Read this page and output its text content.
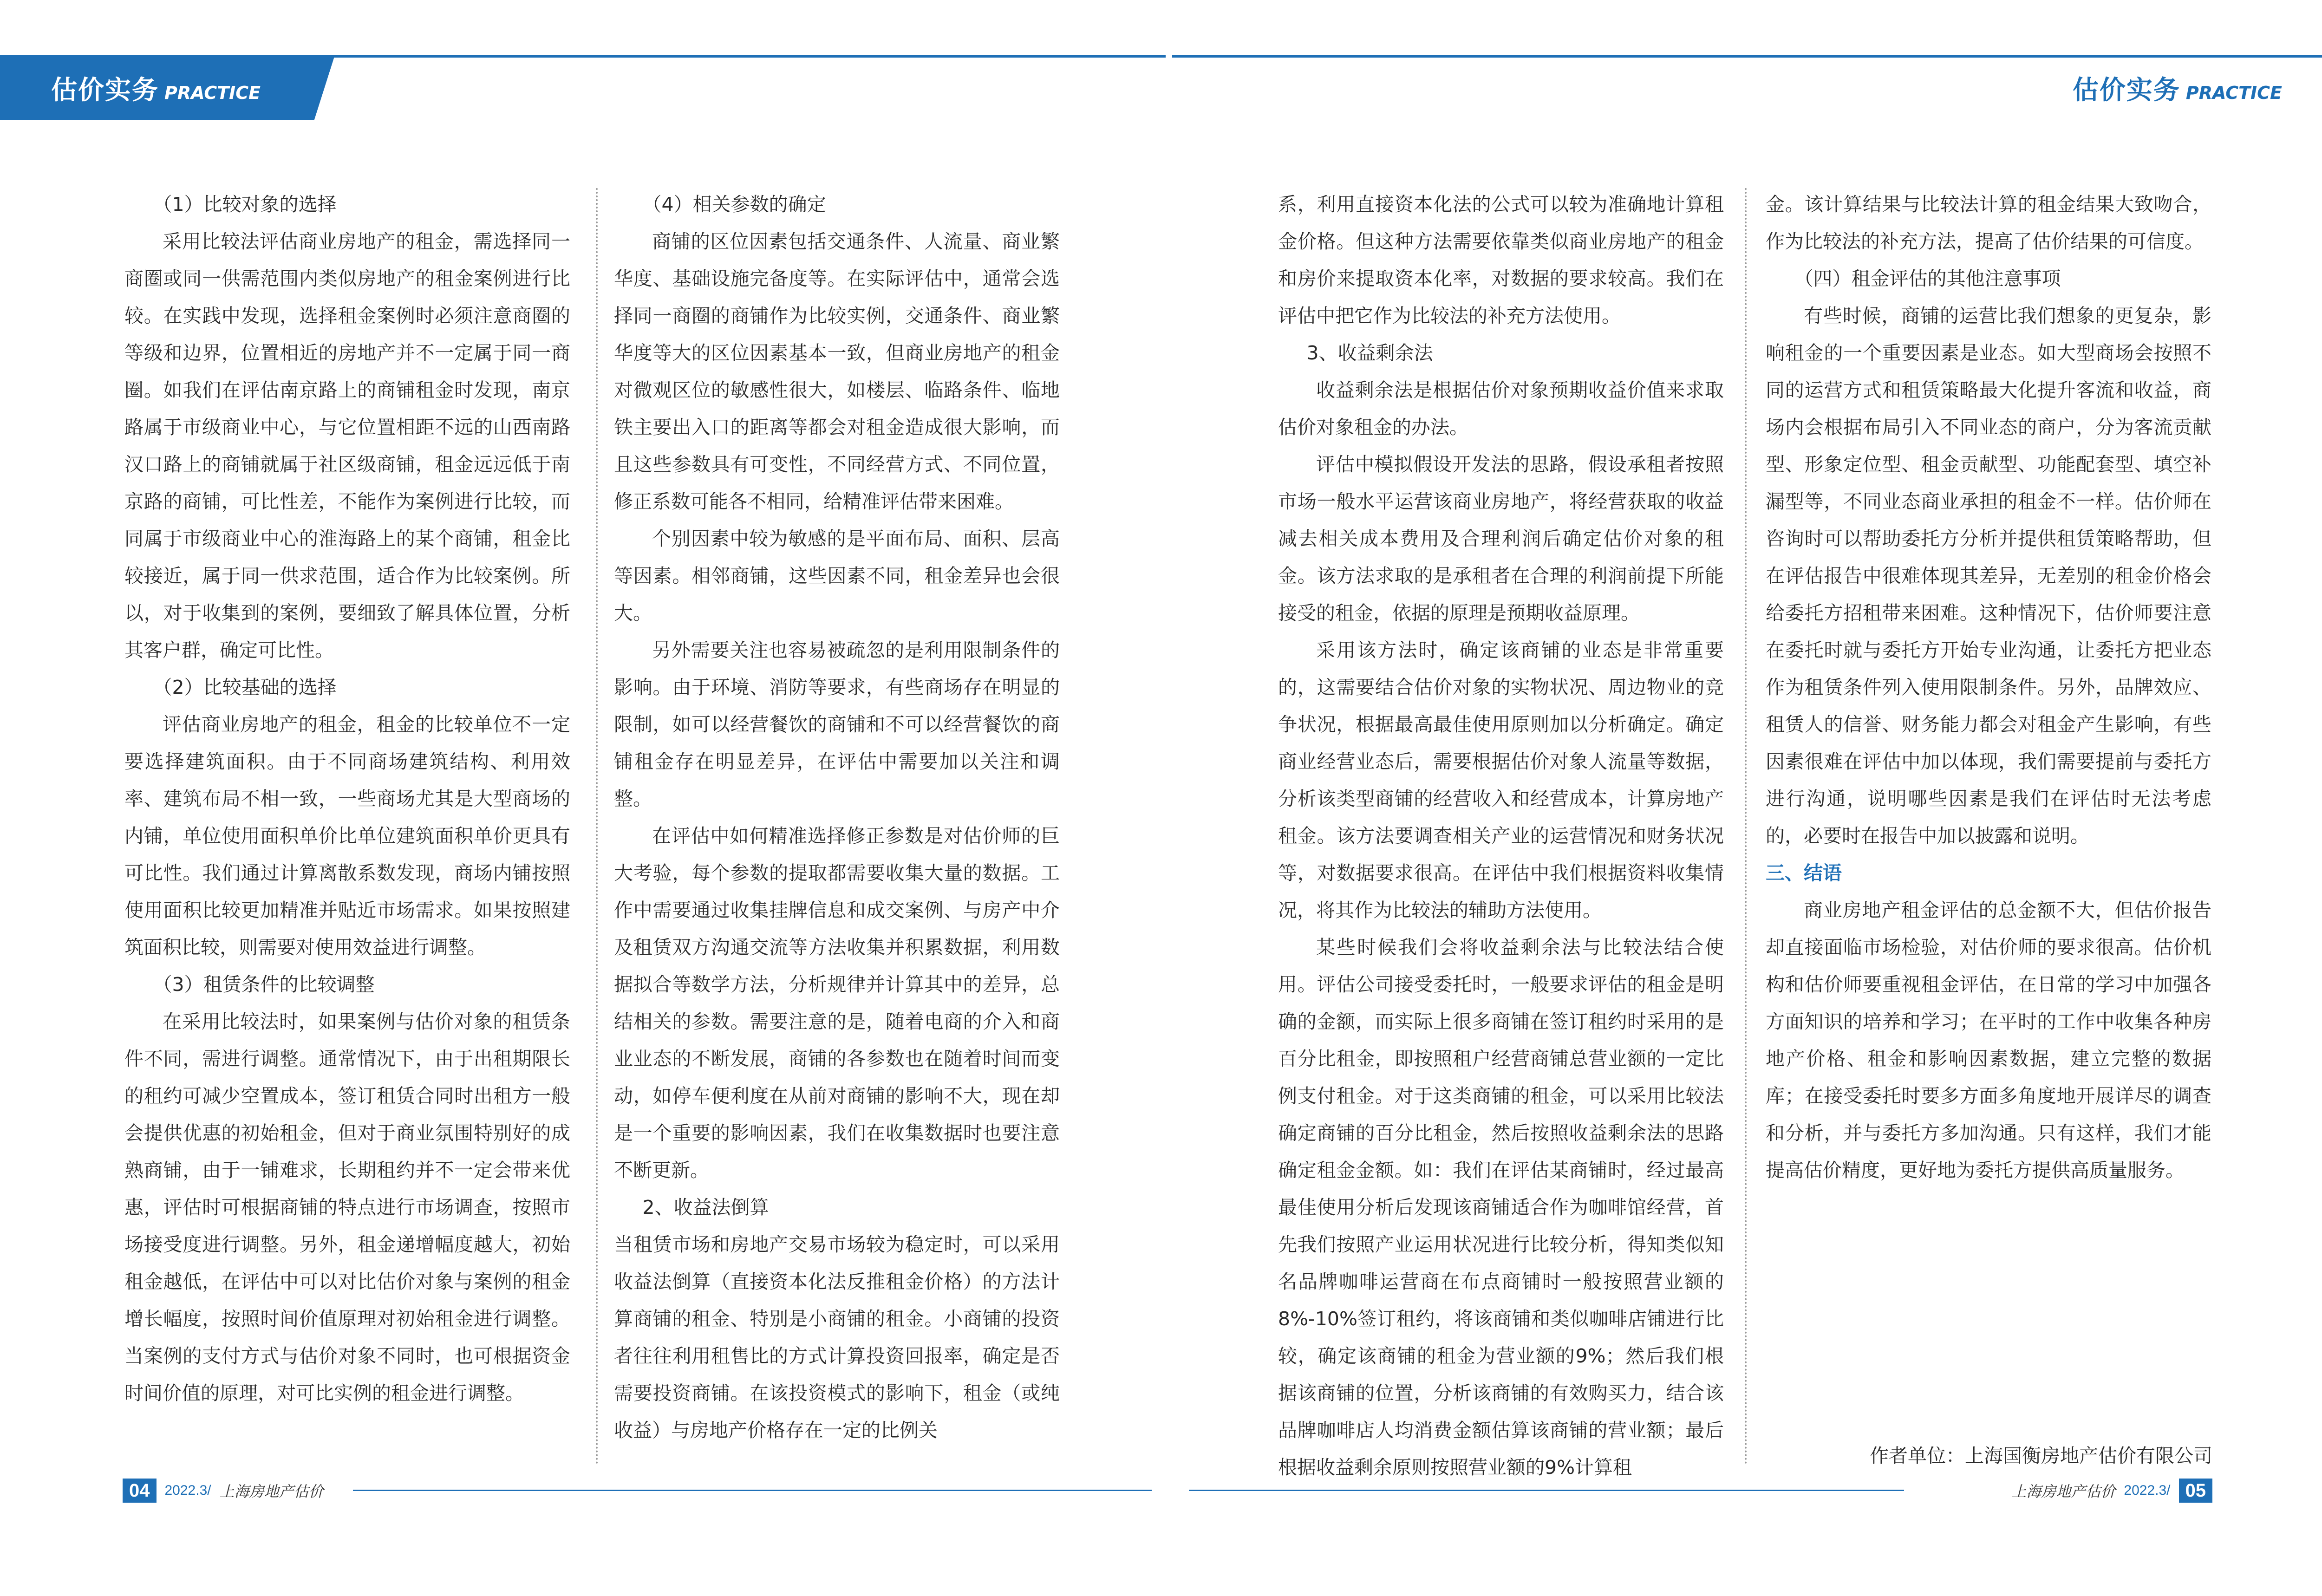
估价实务 PRACTICE	估价实务 PRACTICE

（1）比较对象的选择

采用比较法评估商业房地产的租金，需选择同一商圈或同一供需范围内类似房地产的租金案例进行比较。在实践中发现，选择租金案例时必须注意商圈的等级和边界，位置相近的房地产并不一定属于同一商圈。如我们在评估南京路上的商铺租金时发现，南京路属于市级商业中心，与它位置相距不远的山西南路汉口路上的商铺就属于社区级商铺，租金远远低于南京路的商铺，可比性差，不能作为案例进行比较，而同属于市级商业中心的淮海路上的某个商铺，租金比较接近，属于同一供求范围，适合作为比较案例。所以，对于收集到的案例，要细致了解具体位置，分析其客户群，确定可比性。

（2）比较基础的选择

评估商业房地产的租金，租金的比较单位不一定要选择建筑面积。由于不同商场建筑结构、利用效率、建筑布局不相一致，一些商场尤其是大型商场的内铺，单位使用面积单价比单位建筑面积单价更具有可比性。我们通过计算离散系数发现，商场内铺按照使用面积比较更加精准并贴近市场需求。如果按照建筑面积比较，则需要对使用效益进行调整。

（3）租赁条件的比较调整

在采用比较法时，如果案例与估价对象的租赁条件不同，需进行调整。通常情况下，由于出租期限长的租约可减少空置成本，签订租赁合同时出租方一般会提供优惠的初始租金，但对于商业氛围特别好的成熟商铺，由于一铺难求，长期租约并不一定会带来优惠，评估时可根据商铺的特点进行市场调查，按照市场接受度进行调整。另外，租金递增幅度越大，初始租金越低，在评估中可以对比估价对象与案例的租金增长幅度，按照时间价值原理对初始租金进行调整。当案例的支付方式与估价对象不同时，也可根据资金时间价值的原理，对可比实例的租金进行调整。

（4）相关参数的确定

商铺的区位因素包括交通条件、人流量、商业繁华度、基础设施完备度等。在实际评估中，通常会选择同一商圈的商铺作为比较实例，交通条件、商业繁华度等大的区位因素基本一致，但商业房地产的租金对微观区位的敏感性很大，如楼层、临路条件、临地铁主要出入口的距离等都会对租金造成很大影响，而且这些参数具有可变性，不同经营方式、不同位置，修正系数可能各不相同，给精准评估带来困难。

个别因素中较为敏感的是平面布局、面积、层高等因素。相邻商铺，这些因素不同，租金差异也会很大。

另外需要关注也容易被疏忽的是利用限制条件的影响。由于环境、消防等要求，有些商场存在明显的限制，如可以经营餐饮的商铺和不可以经营餐饮的商铺租金存在明显差异，在评估中需要加以关注和调整。

在评估中如何精准选择修正参数是对估价师的巨大考验，每个参数的提取都需要收集大量的数据。工作中需要通过收集挂牌信息和成交案例、与房产中介及租赁双方沟通交流等方法收集并积累数据，利用数据拟合等数学方法，分析规律并计算其中的差异，总结相关的参数。需要注意的是，随着电商的介入和商业业态的不断发展，商铺的各参数也在随着时间而变动，如停车便利度在从前对商铺的影响不大，现在却是一个重要的影响因素，我们在收集数据时也要注意不断更新。

2、收益法倒算

当租赁市场和房地产交易市场较为稳定时，可以采用收益法倒算（直接资本化法反推租金价格）的方法计算商铺的租金、特别是小商铺的租金。小商铺的投资者往往利用租售比的方式计算投资回报率，确定是否需要投资商铺。在该投资模式的影响下，租金（或纯收益）与房地产价格存在一定的比例关

系，利用直接资本化法的公式可以较为准确地计算租金价格。但这种方法需要依靠类似商业房地产的租金和房价来提取资本化率，对数据的要求较高。我们在评估中把它作为比较法的补充方法使用。

3、收益剩余法

收益剩余法是根据估价对象预期收益价值来求取估价对象租金的办法。

评估中模拟假设开发法的思路，假设承租者按照市场一般水平运营该商业房地产，将经营获取的收益减去相关成本费用及合理利润后确定估价对象的租金。该方法求取的是承租者在合理的利润前提下所能接受的租金，依据的原理是预期收益原理。

采用该方法时，确定该商铺的业态是非常重要的，这需要结合估价对象的实物状况、周边物业的竞争状况，根据最高最佳使用原则加以分析确定。确定商业经营业态后，需要根据估价对象人流量等数据，分析该类型商铺的经营收入和经营成本，计算房地产租金。该方法要调查相关产业的运营情况和财务状况等，对数据要求很高。在评估中我们根据资料收集情况，将其作为比较法的辅助方法使用。

某些时候我们会将收益剩余法与比较法结合使用。评估公司接受委托时，一般要求评估的租金是明确的金额，而实际上很多商铺在签订租约时采用的是百分比租金，即按照租户经营商铺总营业额的一定比例支付租金。对于这类商铺的租金，可以采用比较法确定商铺的百分比租金，然后按照收益剩余法的思路确定租金金额。如：我们在评估某商铺时，经过最高最佳使用分析后发现该商铺适合作为咖啡馆经营，首先我们按照产业运用状况进行比较分析，得知类似知名品牌咖啡运营商在布点商铺时一般按照营业额的8%-10%签订租约，将该商铺和类似咖啡店铺进行比较，确定该商铺的租金为营业额的9%；然后我们根据该商铺的位置，分析该商铺的有效购买力，结合该品牌咖啡店人均消费金额估算该商铺的营业额；最后根据收益剩余原则按照营业额的9%计算租

金。该计算结果与比较法计算的租金结果大致吻合，作为比较法的补充方法，提高了估价结果的可信度。

（四）租金评估的其他注意事项

有些时候，商铺的运营比我们想象的更复杂，影响租金的一个重要因素是业态。如大型商场会按照不同的运营方式和租赁策略最大化提升客流和收益，商场内会根据布局引入不同业态的商户，分为客流贡献型、形象定位型、租金贡献型、功能配套型、填空补漏型等，不同业态商业承担的租金不一样。估价师在咨询时可以帮助委托方分析并提供租赁策略帮助，但在评估报告中很难体现其差异，无差别的租金价格会给委托方招租带来困难。这种情况下，估价师要注意在委托时就与委托方开始专业沟通，让委托方把业态作为租赁条件列入使用限制条件。另外，品牌效应、租赁人的信誉、财务能力都会对租金产生影响，有些因素很难在评估中加以体现，我们需要提前与委托方进行沟通，说明哪些因素是我们在评估时无法考虑的，必要时在报告中加以披露和说明。

三、结语

商业房地产租金评估的总金额不大，但估价报告却直接面临市场检验，对估价师的要求很高。估价机构和估价师要重视租金评估，在日常的学习中加强各方面知识的培养和学习；在平时的工作中收集各种房地产价格、租金和影响因素数据，建立完整的数据库；在接受委托时要多方面多角度地开展详尽的调查和分析，并与委托方多加沟通。只有这样，我们才能提高估价精度，更好地为委托方提供高质量服务。

作者单位：上海国衡房地产估价有限公司
04	2022.3/ 上海房地产估价	上海房地产估价 2022.3/ 05
